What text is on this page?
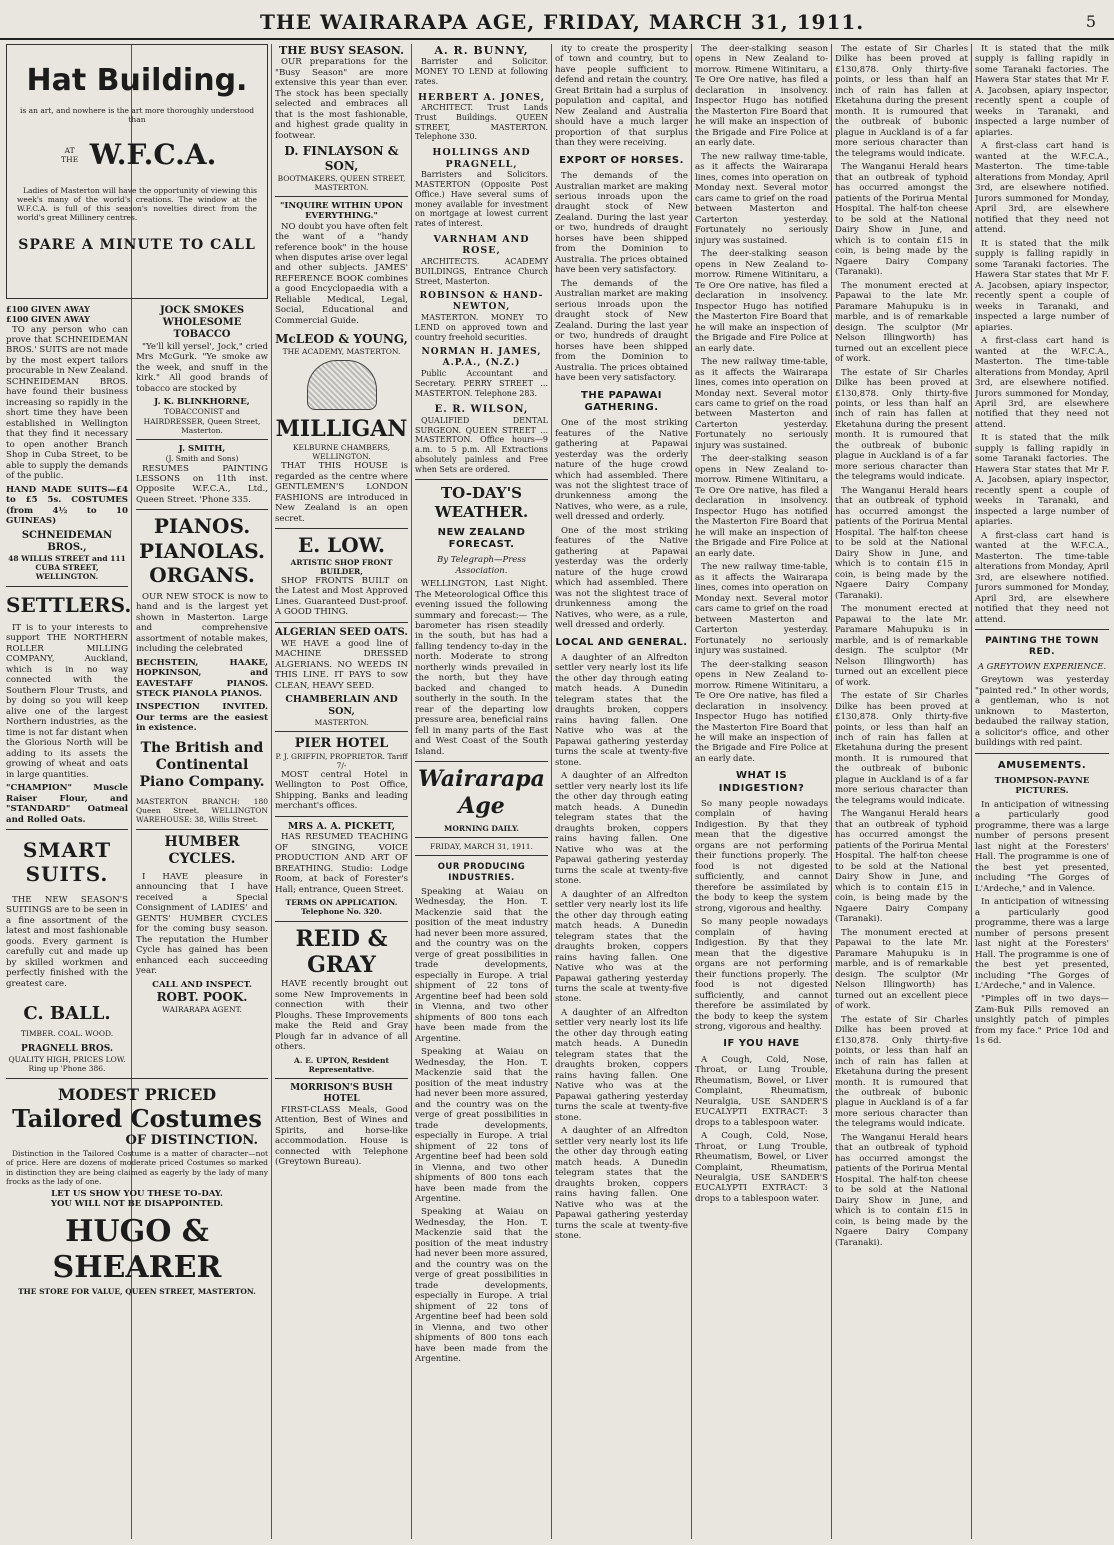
THE WAIRARAPA AGE, FRIDAY, MARCH 31, 1911.	5
Hat Building.
is an art, and nowhere is the art more thoroughly understood than
AT THE W.F.C.A.

Ladies of Masterton will have the opportunity of viewing this week's many of the world's creations. The window at the W.F.C.A. is full of this season's novelties direct from the world's great Millinery centres.

SPARE A MINUTE TO CALL
£100 GIVEN AWAY
£100 GIVEN AWAY

TO any person who can prove that SCHNEIDEMAN BROS.' SUITS are not made by the most expert tailors procurable in New Zealand. SCHNEIDEMAN BROS. have found their business increasing so rapidly in the short time they have been established in Wellington that they find it necessary to open another Branch Shop in Cuba Street, to be able to supply the demands of the public.

HAND MADE SUITS—£4 to £5 5s. COSTUMES (from 4½ to 10 GUINEAS)

SCHNEIDEMAN BROS.,
48 WILLIS STREET and 111 CUBA STREET, WELLINGTON.
SETTLERS.

IT is to your interests to support THE NORTHERN ROLLER MILLING COMPANY, Auckland, which is in no way connected with the Southern Flour Trusts, and by doing so you will keep alive one of the largest Northern industries, as the time is not far distant when the Glorious North will be adding to its assets the growing of wheat and oats in large quantities.

"CHAMPION" Muscle Raiser Flour, and "STANDARD" Oatmeal and Rolled Oats.

SMART SUITS.

THE NEW SEASON'S SUITINGS are to be seen in a fine assortment of the latest and most fashionable goods. Every garment is carefully cut and made up by skilled workmen and perfectly finished with the greatest care.

C. BALL.
TIMBER. COAL. WOOD.
PRAGNELL BROS.
QUALITY HIGH, PRICES LOW. Ring up 'Phone 386.
JOCK SMOKES WHOLESOME TOBACCO

"Ye'll kill yersel', Jock," cried Mrs McGurk. "Ye smoke aw the week, and snuff in the kirk." All good brands of tobacco are stocked by

J. K. BLINKHORNE,
TOBACCONIST and HAIRDRESSER, Queen Street, Masterton.
J. SMITH,
(J. Smith and Sons)

RESUMES PAINTING LESSONS on 11th inst. Opposite W.F.C.A., Ltd., Queen Street. 'Phone 335.

PIANOS.
PIANOLAS.
ORGANS.

OUR NEW STOCK is now to hand and is the largest yet shown in Masterton. Large and comprehensive assortment of notable makes, including the celebrated

BECHSTEIN, HAAKE, HOPKINSON, and EAVESTAFF PIANOS. STECK PIANOLA PIANOS.

INSPECTION INVITED. Our terms are the easiest in existence.

The British and Continental Piano Company.

MASTERTON BRANCH: 180 Queen Street. WELLINGTON WAREHOUSE: 38, Willis Street.

HUMBER CYCLES.

I HAVE pleasure in announcing that I have received a Special Consignment of LADIES' and GENTS' HUMBER CYCLES for the coming busy season. The reputation the Humber Cycle has gained has been enhanced each succeeding year.

CALL AND INSPECT.
ROBT. POOK.
WAIRARAPA AGENT.
MODEST PRICED
Tailored Costumes
OF DISTINCTION.

Distinction in the Tailored Costume is a matter of character—not of price. Here are dozens of moderate priced Costumes so marked in distinction they are being claimed as eagerly by the lady of many frocks as the lady of one.

LET US SHOW YOU THESE TO-DAY.
YOU WILL NOT BE DISAPPOINTED.
HUGO & SHEARER
THE STORE FOR VALUE, QUEEN STREET, MASTERTON.
THE BUSY SEASON.

OUR preparations for the "Busy Season" are more extensive this year than ever. The stock has been specially selected and embraces all that is the most fashionable, and highest grade quality in footwear.

D. FINLAYSON & SON,
BOOTMAKERS, QUEEN STREET, MASTERTON.
"INQUIRE WITHIN UPON EVERYTHING."

NO doubt you have often felt the want of a "handy reference book" in the house when disputes arise over legal and other subjects. JAMES' REFERENCE BOOK combines a good Encyclopaedia with a Reliable Medical, Legal, Social, Educational and Commercial Guide.

McLEOD & YOUNG,
THE ACADEMY, MASTERTON.
MILLIGAN
KELBURNE CHAMBERS, WELLINGTON.

THAT THIS HOUSE is regarded as the centre where GENTLEMEN'S LONDON FASHIONS are introduced in New Zealand is an open secret.

E. LOW.
ARTISTIC SHOP FRONT BUILDER,

SHOP FRONTS BUILT on the Latest and Most Approved Lines. Guaranteed Dust-proof. A GOOD THING.

ALGERIAN SEED OATS.

WE HAVE a good line of MACHINE DRESSED ALGERIANS. NO WEEDS IN THIS LINE. IT PAYS to sow CLEAN, HEAVY SEED.

CHAMBERLAIN AND SON,
MASTERTON.
PIER HOTEL
P. J. GRIFFIN, PROPRIETOR. Tariff 7/-

MOST central Hotel in Wellington to Post Office, Shipping, Banks and leading merchant's offices.

MRS A. A. PICKETT,

HAS RESUMED TEACHING OF SINGING, VOICE PRODUCTION AND ART OF BREATHING. Studio: Lodge Room, at back of Forester's Hall; entrance, Queen Street.

TERMS ON APPLICATION. Telephone No. 320.
REID & GRAY

HAVE recently brought out some New Improvements in connection with their Ploughs. These Improvements make the Reid and Gray Plough far in advance of all others.

A. E. UPTON, Resident Representative.
MORRISON'S BUSH HOTEL

FIRST-CLASS Meals, Good Attention, Best of Wines and Spirits, and horse-like accommodation. House is connected with Telephone (Greytown Bureau).

A. R. BUNNY,

Barrister and Solicitor. MONEY TO LEND at following rates.

HERBERT A. JONES,

ARCHITECT. Trust Lands Trust Buildings. QUEEN STREET, MASTERTON. Telephone 330.

HOLLINGS AND PRAGNELL,

Barristers and Solicitors. MASTERTON (Opposite Post Office.) Have several sums of money available for investment on mortgage at lowest current rates of interest.

VARNHAM AND ROSE,

ARCHITECTS. ACADEMY BUILDINGS, Entrance Church Street, Masterton.

ROBINSON & HAND-NEWTON,

MASTERTON. MONEY TO LEND on approved town and country freehold securities.

NORMAN H. JAMES, A.P.A., (N.Z.)

Public Accountant and Secretary. PERRY STREET ... MASTERTON. Telephone 283.

E. R. WILSON,

QUALIFIED DENTAL SURGEON. QUEEN STREET ... MASTERTON. Office hours—9 a.m. to 5 p.m. All Extractions absolutely painless and Free when Sets are ordered.

TO-DAY'S WEATHER.
NEW ZEALAND FORECAST.
By Telegraph—Press Association.

WELLINGTON, Last Night. The Meteorological Office this evening issued the following summary and forecast:— The barometer has risen steadily in the south, but has had a falling tendency to-day in the north. Moderate to strong northerly winds prevailed in the north, but they have backed and changed to southerly in the south. In the rear of the departing low pressure area, beneficial rains fell in many parts of the East and West Coast of the South Island.

Wairarapa Age
MORNING DAILY.
FRIDAY, MARCH 31, 1911.
OUR PRODUCING INDUSTRIES.

Speaking at Waiau on Wednesday, the Hon. T. Mackenzie said that the position of the meat industry had never been more assured, and the country was on the verge of great possibilities in trade developments, especially in Europe. A trial shipment of 22 tons of Argentine beef had been sold in Vienna, and two other shipments of 800 tons each have been made from the Argentine.

Speaking at Waiau on Wednesday, the Hon. T. Mackenzie said that the position of the meat industry had never been more assured, and the country was on the verge of great possibilities in trade developments, especially in Europe. A trial shipment of 22 tons of Argentine beef had been sold in Vienna, and two other shipments of 800 tons each have been made from the Argentine.

Speaking at Waiau on Wednesday, the Hon. T. Mackenzie said that the position of the meat industry had never been more assured, and the country was on the verge of great possibilities in trade developments, especially in Europe. A trial shipment of 22 tons of Argentine beef had been sold in Vienna, and two other shipments of 800 tons each have been made from the Argentine.

ity to create the prosperity of town and country, but to have people sufficient to defend and retain the country. Great Britain had a surplus of population and capital, and New Zealand and Australia should have a much larger proportion of that surplus than they were receiving.

EXPORT OF HORSES.

The demands of the Australian market are making serious inroads upon the draught stock of New Zealand. During the last year or two, hundreds of draught horses have been shipped from the Dominion to Australia. The prices obtained have been very satisfactory.

The demands of the Australian market are making serious inroads upon the draught stock of New Zealand. During the last year or two, hundreds of draught horses have been shipped from the Dominion to Australia. The prices obtained have been very satisfactory.

THE PAPAWAI GATHERING.

One of the most striking features of the Native gathering at Papawai yesterday was the orderly nature of the huge crowd which had assembled. There was not the slightest trace of drunkenness among the Natives, who were, as a rule, well dressed and orderly.

One of the most striking features of the Native gathering at Papawai yesterday was the orderly nature of the huge crowd which had assembled. There was not the slightest trace of drunkenness among the Natives, who were, as a rule, well dressed and orderly.

LOCAL AND GENERAL.

A daughter of an Alfredton settler very nearly lost its life the other day through eating match heads. A Dunedin telegram states that the draughts broken, coppers rains having fallen. One Native who was at the Papawai gathering yesterday turns the scale at twenty-five stone.

A daughter of an Alfredton settler very nearly lost its life the other day through eating match heads. A Dunedin telegram states that the draughts broken, coppers rains having fallen. One Native who was at the Papawai gathering yesterday turns the scale at twenty-five stone.

A daughter of an Alfredton settler very nearly lost its life the other day through eating match heads. A Dunedin telegram states that the draughts broken, coppers rains having fallen. One Native who was at the Papawai gathering yesterday turns the scale at twenty-five stone.

A daughter of an Alfredton settler very nearly lost its life the other day through eating match heads. A Dunedin telegram states that the draughts broken, coppers rains having fallen. One Native who was at the Papawai gathering yesterday turns the scale at twenty-five stone.

A daughter of an Alfredton settler very nearly lost its life the other day through eating match heads. A Dunedin telegram states that the draughts broken, coppers rains having fallen. One Native who was at the Papawai gathering yesterday turns the scale at twenty-five stone.

The deer-stalking season opens in New Zealand to-morrow. Rimene Witinitaru, a Te Ore Ore native, has filed a declaration in insolvency. Inspector Hugo has notified the Masterton Fire Board that he will make an inspection of the Brigade and Fire Police at an early date.

The new railway time-table, as it affects the Wairarapa lines, comes into operation on Monday next. Several motor cars came to grief on the road between Masterton and Carterton yesterday. Fortunately no seriously injury was sustained.

The deer-stalking season opens in New Zealand to-morrow. Rimene Witinitaru, a Te Ore Ore native, has filed a declaration in insolvency. Inspector Hugo has notified the Masterton Fire Board that he will make an inspection of the Brigade and Fire Police at an early date.

The new railway time-table, as it affects the Wairarapa lines, comes into operation on Monday next. Several motor cars came to grief on the road between Masterton and Carterton yesterday. Fortunately no seriously injury was sustained.

The deer-stalking season opens in New Zealand to-morrow. Rimene Witinitaru, a Te Ore Ore native, has filed a declaration in insolvency. Inspector Hugo has notified the Masterton Fire Board that he will make an inspection of the Brigade and Fire Police at an early date.

The new railway time-table, as it affects the Wairarapa lines, comes into operation on Monday next. Several motor cars came to grief on the road between Masterton and Carterton yesterday. Fortunately no seriously injury was sustained.

The deer-stalking season opens in New Zealand to-morrow. Rimene Witinitaru, a Te Ore Ore native, has filed a declaration in insolvency. Inspector Hugo has notified the Masterton Fire Board that he will make an inspection of the Brigade and Fire Police at an early date.

WHAT IS INDIGESTION?

So many people nowadays complain of having Indigestion. By that they mean that the digestive organs are not performing their functions properly. The food is not digested sufficiently, and cannot therefore be assimilated by the body to keep the system strong, vigorous and healthy.

So many people nowadays complain of having Indigestion. By that they mean that the digestive organs are not performing their functions properly. The food is not digested sufficiently, and cannot therefore be assimilated by the body to keep the system strong, vigorous and healthy.

IF YOU HAVE

A Cough, Cold, Nose, Throat, or Lung Trouble, Rheumatism, Bowel, or Liver Complaint, Rheumatism, Neuralgia, USE SANDER'S EUCALYPTI EXTRACT: 3 drops to a tablespoon water.

A Cough, Cold, Nose, Throat, or Lung Trouble, Rheumatism, Bowel, or Liver Complaint, Rheumatism, Neuralgia, USE SANDER'S EUCALYPTI EXTRACT: 3 drops to a tablespoon water.

The estate of Sir Charles Dilke has been proved at £130,878. Only thirty-five points, or less than half an inch of rain has fallen at Eketahuna during the present month. It is rumoured that the outbreak of bubonic plague in Auckland is of a far more serious character than the telegrams would indicate.

The Wanganui Herald hears that an outbreak of typhoid has occurred amongst the patients of the Porirua Mental Hospital. The half-ton cheese to be sold at the National Dairy Show in June, and which is to contain £15 in coin, is being made by the Ngaere Dairy Company (Taranaki).

The monument erected at Papawai to the late Mr. Paramare Mahupuku is in marble, and is of remarkable design. The sculptor (Mr Nelson Illingworth) has turned out an excellent piece of work.

The estate of Sir Charles Dilke has been proved at £130,878. Only thirty-five points, or less than half an inch of rain has fallen at Eketahuna during the present month. It is rumoured that the outbreak of bubonic plague in Auckland is of a far more serious character than the telegrams would indicate.

The Wanganui Herald hears that an outbreak of typhoid has occurred amongst the patients of the Porirua Mental Hospital. The half-ton cheese to be sold at the National Dairy Show in June, and which is to contain £15 in coin, is being made by the Ngaere Dairy Company (Taranaki).

The monument erected at Papawai to the late Mr. Paramare Mahupuku is in marble, and is of remarkable design. The sculptor (Mr Nelson Illingworth) has turned out an excellent piece of work.

The estate of Sir Charles Dilke has been proved at £130,878. Only thirty-five points, or less than half an inch of rain has fallen at Eketahuna during the present month. It is rumoured that the outbreak of bubonic plague in Auckland is of a far more serious character than the telegrams would indicate.

The Wanganui Herald hears that an outbreak of typhoid has occurred amongst the patients of the Porirua Mental Hospital. The half-ton cheese to be sold at the National Dairy Show in June, and which is to contain £15 in coin, is being made by the Ngaere Dairy Company (Taranaki).

The monument erected at Papawai to the late Mr. Paramare Mahupuku is in marble, and is of remarkable design. The sculptor (Mr Nelson Illingworth) has turned out an excellent piece of work.

The estate of Sir Charles Dilke has been proved at £130,878. Only thirty-five points, or less than half an inch of rain has fallen at Eketahuna during the present month. It is rumoured that the outbreak of bubonic plague in Auckland is of a far more serious character than the telegrams would indicate.

The Wanganui Herald hears that an outbreak of typhoid has occurred amongst the patients of the Porirua Mental Hospital. The half-ton cheese to be sold at the National Dairy Show in June, and which is to contain £15 in coin, is being made by the Ngaere Dairy Company (Taranaki).

It is stated that the milk supply is falling rapidly in some Taranaki factories. The Hawera Star states that Mr F. A. Jacobsen, apiary inspector, recently spent a couple of weeks in Taranaki, and inspected a large number of apiaries.

A first-class cart hand is wanted at the W.F.C.A., Masterton. The time-table alterations from Monday, April 3rd, are elsewhere notified. Jurors summoned for Monday, April 3rd, are elsewhere notified that they need not attend.

It is stated that the milk supply is falling rapidly in some Taranaki factories. The Hawera Star states that Mr F. A. Jacobsen, apiary inspector, recently spent a couple of weeks in Taranaki, and inspected a large number of apiaries.

A first-class cart hand is wanted at the W.F.C.A., Masterton. The time-table alterations from Monday, April 3rd, are elsewhere notified. Jurors summoned for Monday, April 3rd, are elsewhere notified that they need not attend.

It is stated that the milk supply is falling rapidly in some Taranaki factories. The Hawera Star states that Mr F. A. Jacobsen, apiary inspector, recently spent a couple of weeks in Taranaki, and inspected a large number of apiaries.

A first-class cart hand is wanted at the W.F.C.A., Masterton. The time-table alterations from Monday, April 3rd, are elsewhere notified. Jurors summoned for Monday, April 3rd, are elsewhere notified that they need not attend.

PAINTING THE TOWN RED.
A GREYTOWN EXPERIENCE.

Greytown was yesterday "painted red." In other words, a gentleman, who is not unknown to Masterton, bedaubed the railway station, a solicitor's office, and other buildings with red paint.

AMUSEMENTS.
THOMPSON-PAYNE PICTURES.

In anticipation of witnessing a particularly good programme, there was a large number of persons present last night at the Foresters' Hall. The programme is one of the best yet presented, including "The Gorges of L'Ardeche," and in Valence.

In anticipation of witnessing a particularly good programme, there was a large number of persons present last night at the Foresters' Hall. The programme is one of the best yet presented, including "The Gorges of L'Ardeche," and in Valence.

"Pimples off in two days—Zam-Buk Pills removed an unsightly patch of pimples from my face." Price 10d and 1s 6d.
